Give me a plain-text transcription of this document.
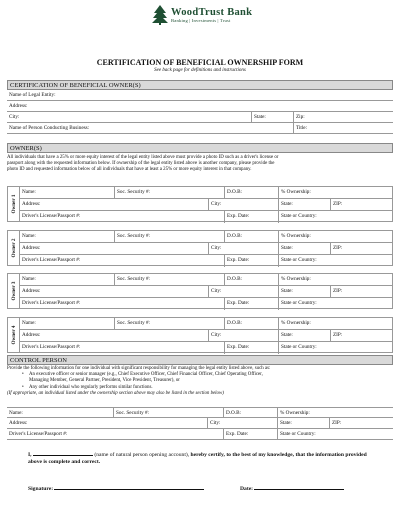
WoodTrust Bank
Banking | Investments | Trust
CERTIFICATION OF BENEFICIAL OWNERSHIP FORM
See back page for definitions and instructions
CERTIFICATION OF BENEFICIAL OWNER(S)
Name of Legal Entity:
Address:
City:	State:	Zip:
Name of Person Conducting Business:	Title:
OWNER(S)
All individuals that have a 25% or more equity interest of the legal entity listed above must provide a photo ID such as a driver's license or
passport along with the requested information below. If ownership of the legal entity listed above is another company, please provide the
photo ID and requested information below of all individuals that have at least a 25% or more equity interest in that company.
Owner 1
Name:	Soc. Security #:	D.O.B:	% Ownership:
Address:	City:	State:	ZIP:
Driver's License/Passport #:	Exp. Date:	State or Country:
Owner 2
Name:	Soc. Security #:	D.O.B:	% Ownership:
Address:	City:	State:	ZIP:
Driver's License/Passport #:	Exp. Date:	State or Country:
Owner 3
Name:	Soc. Security #:	D.O.B:	% Ownership:
Address:	City:	State:	ZIP:
Driver's License/Passport #:	Exp. Date:	State or Country:
Owner 4
Name:	Soc. Security #:	D.O.B:	% Ownership:
Address:	City:	State:	ZIP:
Driver's License/Passport #:	Exp. Date:	State or Country:
CONTROL PERSON
Provide the following information for one individual with significant responsibility for managing the legal entity listed above, such as:
• An executive officer or senior manager (e.g., Chief Executive Officer, Chief Financial Officer, Chief Operating Officer,
Managing Member, General Partner, President, Vice President, Treasurer), or
• Any other individual who regularly performs similar functions.
(If appropriate, an individual listed under the ownership section above may also be listed in the section below)
Name:	Soc. Security #:	D.O.B:	% Ownership:
Address:	City:	State:	ZIP:
Driver's License/Passport #:	Exp. Date:	State or Country:
I,	(name of natural person opening account), hereby certify, to the best of my knowledge, that the information provided above is complete and correct.
Signature:	Date:
